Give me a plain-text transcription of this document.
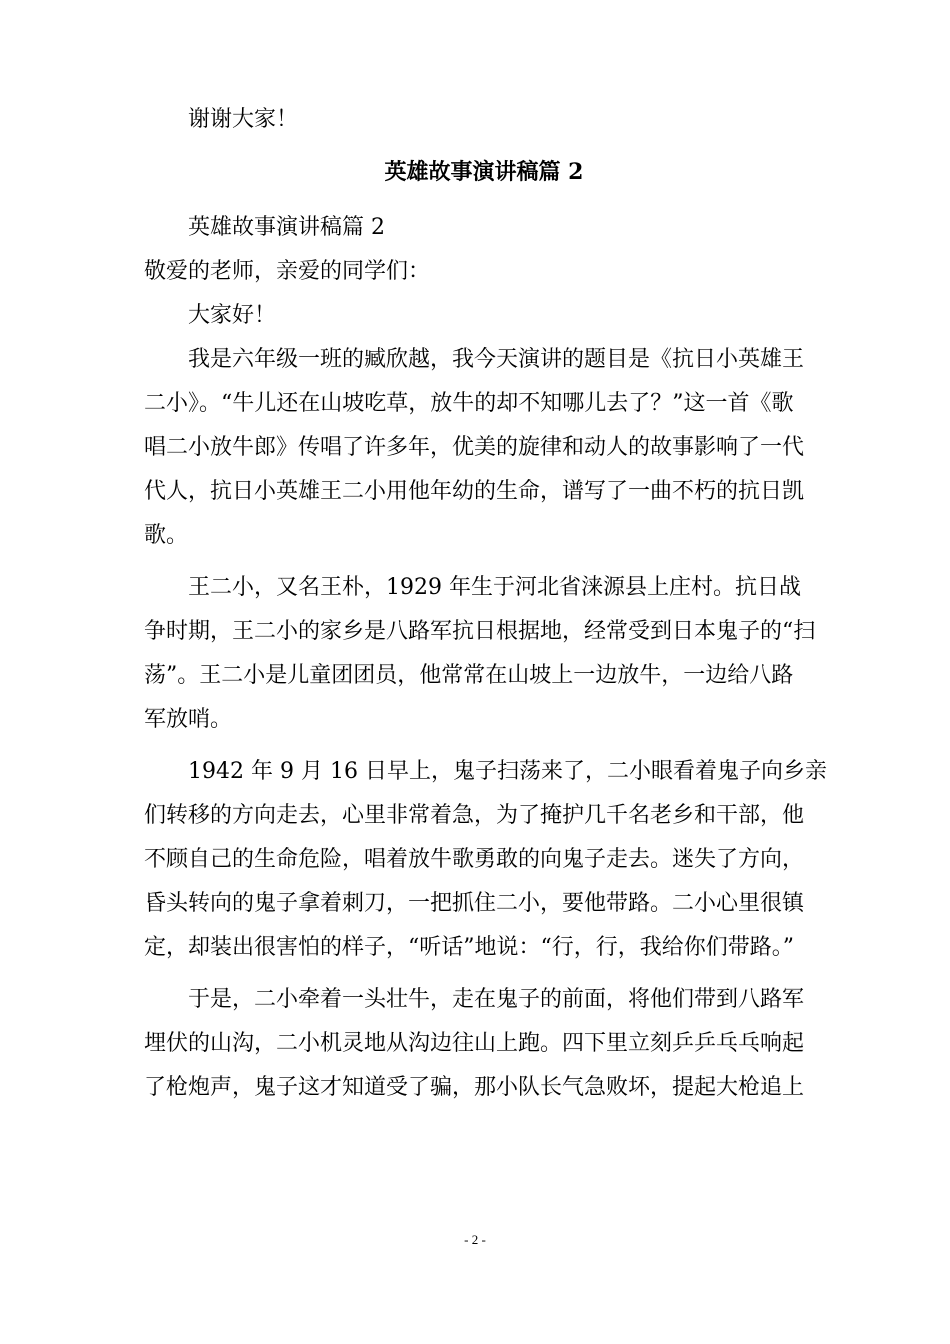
谢谢大家！

英雄故事演讲稿篇 2

英雄故事演讲稿篇 2

敬爱的老师，亲爱的同学们：

大家好！

我是六年级一班的臧欣越，我今天演讲的题目是《抗日小英雄王
二小》。“牛儿还在山坡吃草，放牛的却不知哪儿去了？”这一首《歌
唱二小放牛郎》传唱了许多年，优美的旋律和动人的故事影响了一代
代人，抗日小英雄王二小用他年幼的生命，谱写了一曲不朽的抗日凯
歌。

王二小，又名王朴，1929 年生于河北省涞源县上庄村。抗日战
争时期，王二小的家乡是八路军抗日根据地，经常受到日本鬼子的“扫
荡”。王二小是儿童团团员，他常常在山坡上一边放牛，一边给八路
军放哨。

1942 年 9 月 16 日早上，鬼子扫荡来了，二小眼看着鬼子向乡亲
们转移的方向走去，心里非常着急，为了掩护几千名老乡和干部，他
不顾自己的生命危险，唱着放牛歌勇敢的向鬼子走去。迷失了方向，
昏头转向的鬼子拿着刺刀，一把抓住二小，要他带路。二小心里很镇
定，却装出很害怕的样子，“听话”地说：“行，行，我给你们带路。”

于是，二小牵着一头壮牛，走在鬼子的前面，将他们带到八路军
埋伏的山沟，二小机灵地从沟边往山上跑。四下里立刻乒乒乓乓响起
了枪炮声，鬼子这才知道受了骗，那小队长气急败坏，提起大枪追上

- 2 -
